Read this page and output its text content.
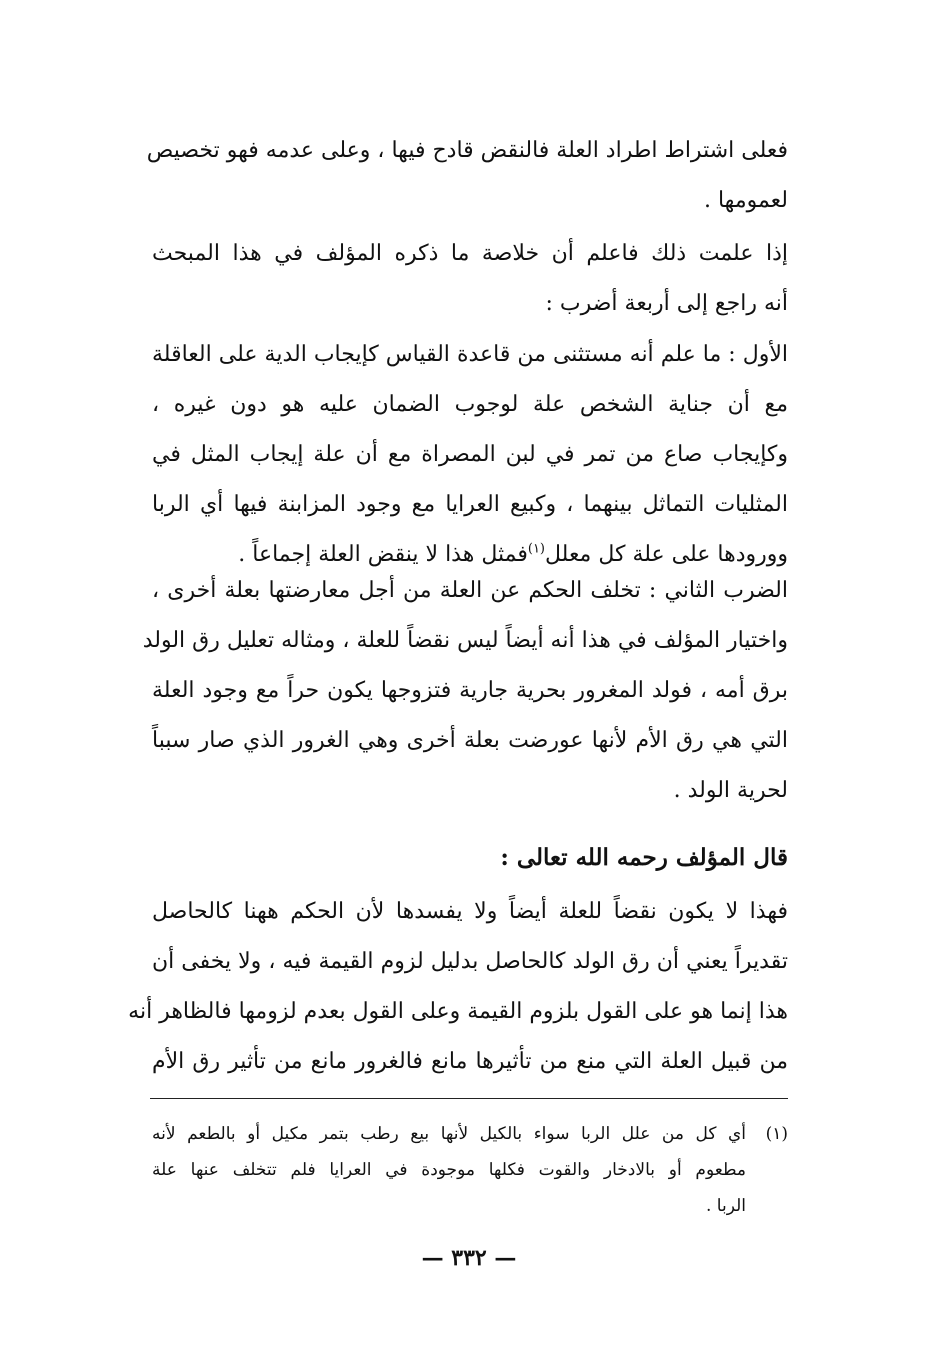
فعلى اشتراط اطراد العلة فالنقض قادح فيها ، وعلى عدمه فهو تخصيص
لعمومها .
إذا علمت ذلك فاعلم أن خلاصة ما ذكره المؤلف في هذا المبحث
أنه راجع إلى أربعة أضرب :
الأول : ما علم أنه مستثنى من قاعدة القياس كإيجاب الدية على العاقلة
مع أن جناية الشخص علة لوجوب الضمان عليه هو دون غيره ،
وكإيجاب صاع من تمر في لبن المصراة مع أن علة إيجاب المثل في
المثليات التماثل بينهما ، وكبيع العرايا مع وجود المزابنة فيها أي الربا
وورودها على علة كل معلل$^{(١)}$فمثل هذا لا ينقض العلة إجماعاً .
الضرب الثاني : تخلف الحكم عن العلة من أجل معارضتها بعلة أخرى ،
واختيار المؤلف في هذا أنه أيضاً ليس نقضاً للعلة ، ومثاله تعليل رق الولد
برق أمه ، فولد المغرور بحرية جارية فتزوجها يكون حراً مع وجود العلة
التي هي رق الأم لأنها عورضت بعلة أخرى وهي الغرور الذي صار سبباً
لحرية الولد .
قال المؤلف رحمه الله تعالى :
فهذا لا يكون نقضاً للعلة أيضاً ولا يفسدها لأن الحكم ههنا كالحاصل
تقديراً يعني أن رق الولد كالحاصل بدليل لزوم القيمة فيه ، ولا يخفى أن
هذا إنما هو على القول بلزوم القيمة وعلى القول بعدم لزومها فالظاهر أنه
من قبيل العلة التي منع من تأثيرها مانع فالغرور مانع من تأثير رق الأم
(١)
أي كل من علل الربا سواء بالكيل لأنها بيع رطب بتمر مكيل أو بالطعم لأنه
مطعوم أو بالادخار والقوت فكلها موجودة في العرايا فلم تتخلف عنها علة
الربا .
— ٣٣٢ —
